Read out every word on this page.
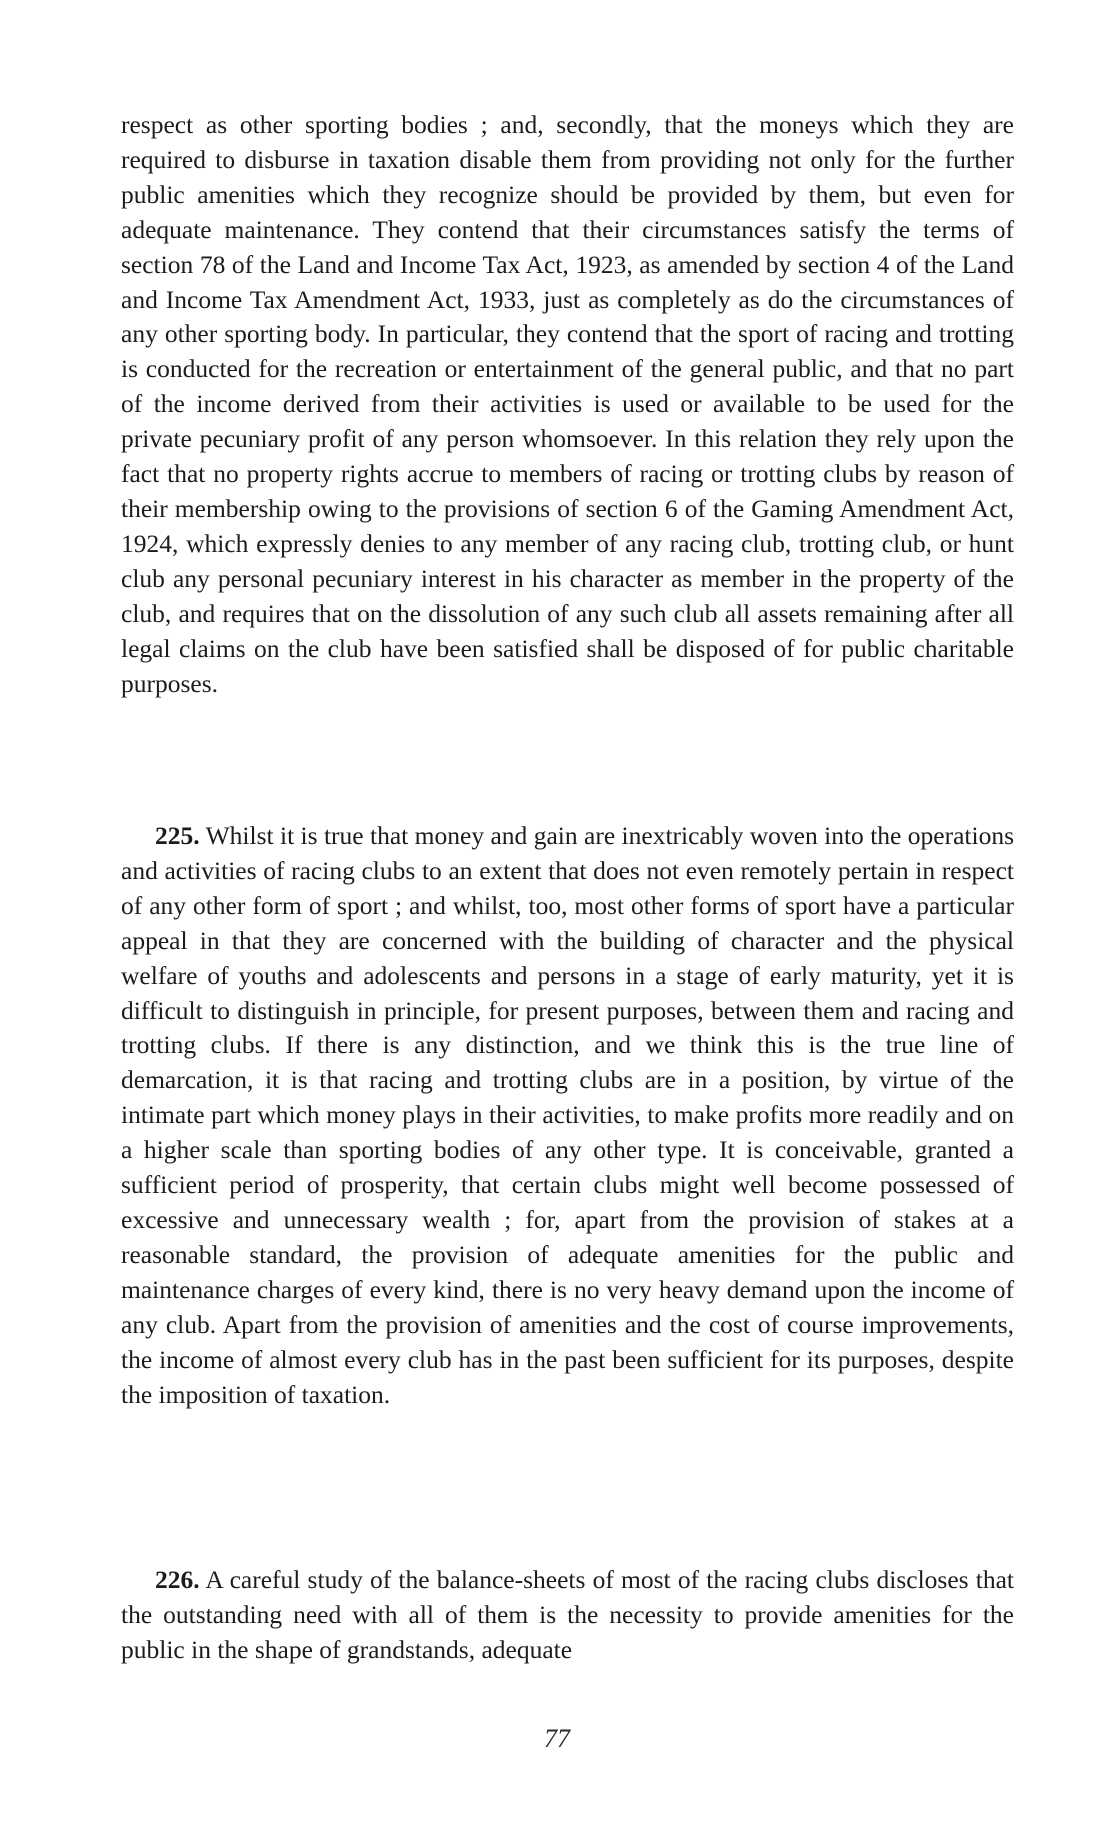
respect as other sporting bodies ; and, secondly, that the moneys which they are required to disburse in taxation disable them from providing not only for the further public amenities which they recognize should be provided by them, but even for adequate maintenance. They contend that their circumstances satisfy the terms of section 78 of the Land and Income Tax Act, 1923, as amended by section 4 of the Land and Income Tax Amendment Act, 1933, just as completely as do the circumstances of any other sporting body. In particular, they contend that the sport of racing and trotting is conducted for the recreation or entertainment of the general public, and that no part of the income derived from their activities is used or available to be used for the private pecuniary profit of any person whomsoever. In this relation they rely upon the fact that no property rights accrue to members of racing or trotting clubs by reason of their membership owing to the provisions of section 6 of the Gaming Amendment Act, 1924, which expressly denies to any member of any racing club, trotting club, or hunt club any personal pecuniary interest in his character as member in the property of the club, and requires that on the dissolution of any such club all assets remaining after all legal claims on the club have been satisfied shall be disposed of for public charitable purposes.

225. Whilst it is true that money and gain are inextricably woven into the operations and activities of racing clubs to an extent that does not even remotely pertain in respect of any other form of sport ; and whilst, too, most other forms of sport have a particular appeal in that they are concerned with the building of character and the physical welfare of youths and adolescents and persons in a stage of early maturity, yet it is difficult to distinguish in principle, for present purposes, between them and racing and trotting clubs. If there is any distinction, and we think this is the true line of demarcation, it is that racing and trotting clubs are in a position, by virtue of the intimate part which money plays in their activities, to make profits more readily and on a higher scale than sporting bodies of any other type. It is conceivable, granted a sufficient period of prosperity, that certain clubs might well become possessed of excessive and unnecessary wealth ; for, apart from the provision of stakes at a reasonable standard, the provision of adequate amenities for the public and maintenance charges of every kind, there is no very heavy demand upon the income of any club. Apart from the provision of amenities and the cost of course improvements, the income of almost every club has in the past been sufficient for its purposes, despite the imposition of taxation.

226. A careful study of the balance-sheets of most of the racing clubs discloses that the outstanding need with all of them is the necessity to provide amenities for the public in the shape of grandstands, adequate

77
